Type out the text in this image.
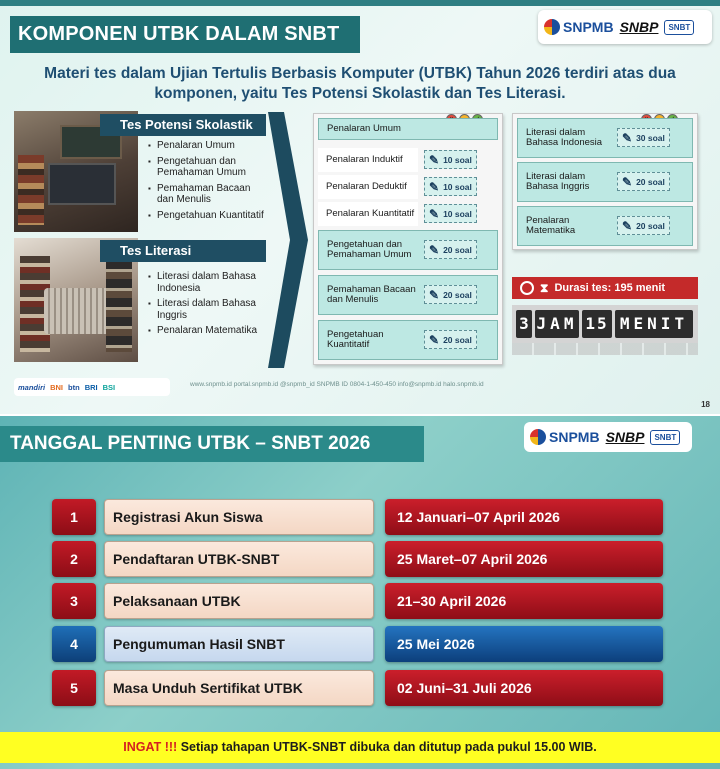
KOMPONEN UTBK DALAM SNBT	SNPMB SNBP	SNBT
Materi tes dalam Ujian Tertulis Berbasis Komputer (UTBK) Tahun 2026 terdiri atas dua komponen, yaitu Tes Potensi Skolastik dan Tes Literasi.
Tes Potensi Skolastik
▪ Penalaran Umum
▪ Pengetahuan dan Pemahaman Umum
▪ Pemahaman Bacaan dan Menulis
▪ Pengetahuan Kuantitatif
Tes Literasi
▪ Literasi dalam Bahasa Indonesia
▪ Literasi dalam Bahasa Inggris
▪ Penalaran Matematika
Penalaran Umum
Penalaran Induktif ✎ 10 soal
Penalaran Deduktif ✎ 10 soal
Penalaran Kuantitatif ✎ 10 soal
Pengetahuan dan Pemahaman Umum	✎ 20 soal
Pemahaman Bacaan dan Menulis	✎ 20 soal
Pengetahuan Kuantitatif	✎ 20 soal
Literasi dalam Bahasa Indonesia	✎ 30 soal
Literasi dalam Bahasa Inggris	✎ 20 soal
Penalaran Matematika	✎ 20 soal
⧗ Durasi tes: 195 menit
3 JAM 15 MENIT
mandiri BNI btn BRI BSI	www.snpmb.id portal.snpmb.id @snpmb_id SNPMB ID 0804-1-450-450 info@snpmb.id halo.snpmb.id
18
TANGGAL PENTING UTBK – SNBT 2026	SNPMB SNBP	SNBT
1	Registrasi Akun Siswa	12 Januari–07 April 2026
2	Pendaftaran UTBK-SNBT	25 Maret–07 April 2026
3	Pelaksanaan UTBK	21–30 April 2026
4	Pengumuman Hasil SNBT	25 Mei 2026
5	Masa Unduh Sertifikat UTBK	02 Juni–31 Juli 2026
INGAT !!! Setiap tahapan UTBK-SNBT dibuka dan ditutup pada pukul 15.00 WIB.
